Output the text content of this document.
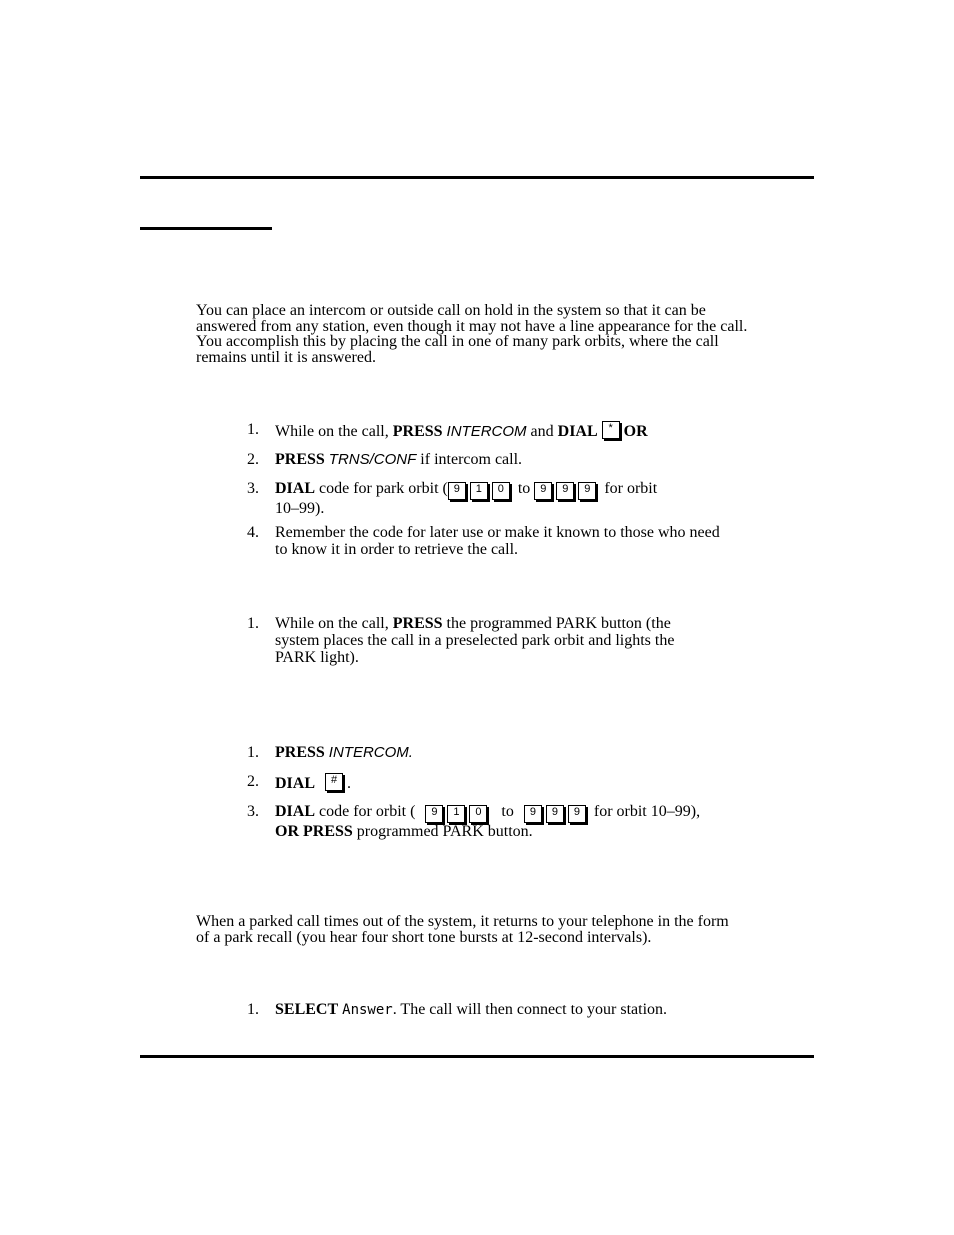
You can place an intercom or outside call on hold in the system so that it can be answered from any station, even though it may not have a line appearance for the call. You accomplish this by placing the call in one of many park orbits, where the call remains until it is answered.
1. While on the call, PRESS INTERCOM and DIAL * OR
2. PRESS TRNS/CONF if intercom call.
3. DIAL code for park orbit ( 9 1 0 to 9 9 9 for orbit
10–99).
4. Remember the code for later use or make it known to those who need to know it in order to retrieve the call.
1. While on the call, PRESS the programmed PARK button (the system places the call in a preselected park orbit and lights the PARK light).
1. PRESS INTERCOM.
2. DIAL # .
3. DIAL code for orbit ( 9 1 0 to 9 9 9 for orbit 10–99),
OR PRESS programmed PARK button.
When a parked call times out of the system, it returns to your telephone in the form of a park recall (you hear four short tone bursts at 12-second intervals).
1. SELECT Answer. The call will then connect to your station.
